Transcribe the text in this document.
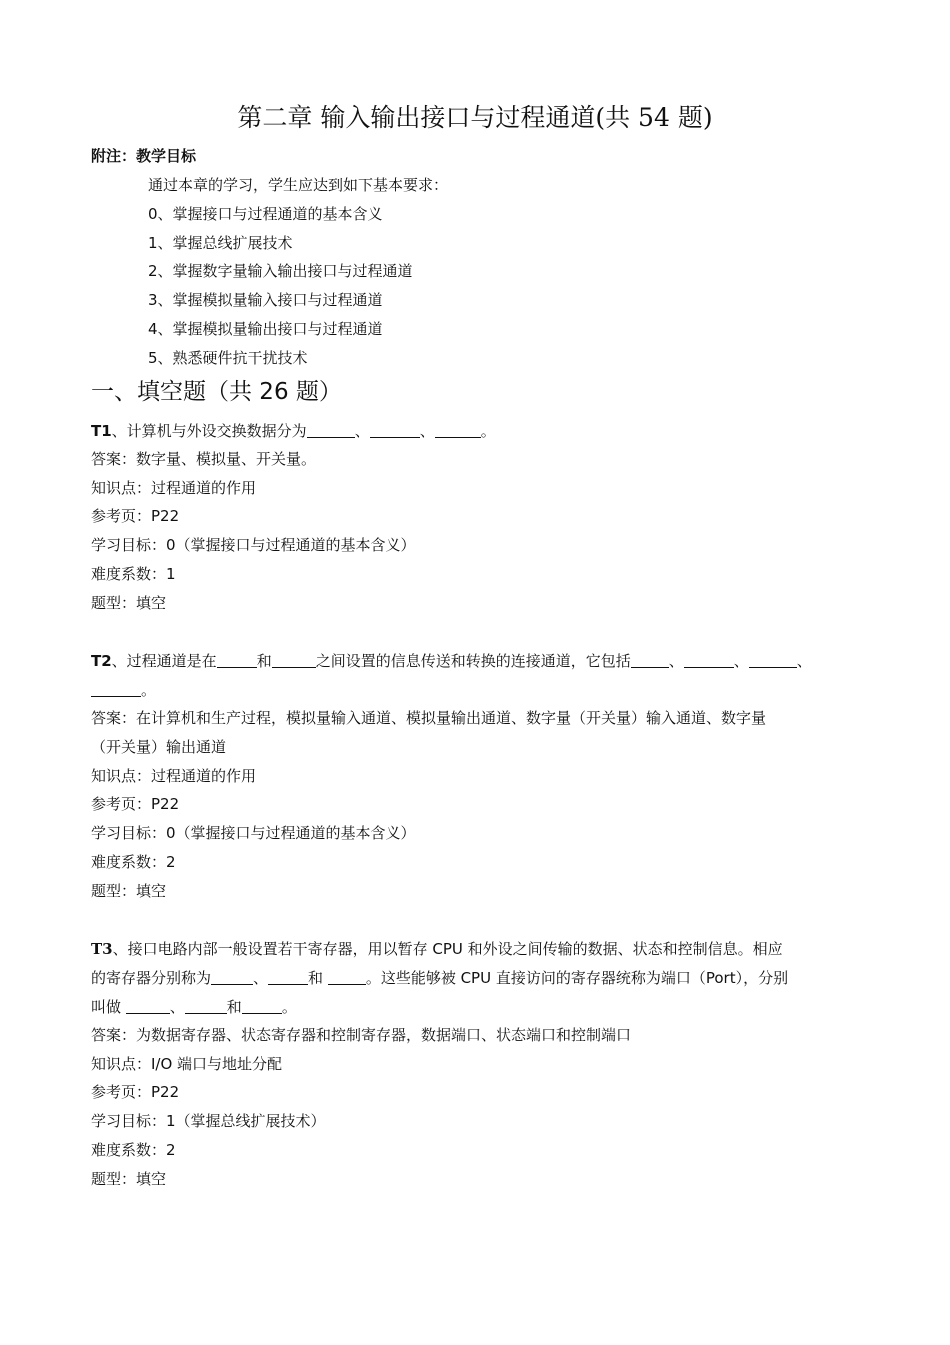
第二章 输入输出接口与过程通道(共 54 题)
附注：教学目标
通过本章的学习，学生应达到如下基本要求：
0、掌握接口与过程通道的基本含义
1、掌握总线扩展技术
2、掌握数字量输入输出接口与过程通道
3、掌握模拟量输入接口与过程通道
4、掌握模拟量输出接口与过程通道
5、熟悉硬件抗干扰技术
一、填空题（共 26 题）
T1、计算机与外设交换数据分为	、	、	。
答案：数字量、模拟量、开关量。
知识点：过程通道的作用
参考页：P22
学习目标：0（掌握接口与过程通道的基本含义）
难度系数：1
题型：填空
T2、过程通道是在	和	之间设置的信息传送和转换的连接通道，它包括	、	、	、
。
答案：在计算机和生产过程，模拟量输入通道、模拟量输出通道、数字量（开关量）输入通道、数字量
（开关量）输出通道
知识点：过程通道的作用
参考页：P22
学习目标：0（掌握接口与过程通道的基本含义）
难度系数：2
题型：填空
T3、接口电路内部一般设置若干寄存器，用以暂存 CPU 和外设之间传输的数据、状态和控制信息。相应
的寄存器分别称为	、	和	。这些能够被 CPU 直接访问的寄存器统称为端口（Port），分别
叫做	、	和	。
答案：为数据寄存器、状态寄存器和控制寄存器，数据端口、状态端口和控制端口
知识点：I/O 端口与地址分配
参考页：P22
学习目标：1（掌握总线扩展技术）
难度系数：2
题型：填空
